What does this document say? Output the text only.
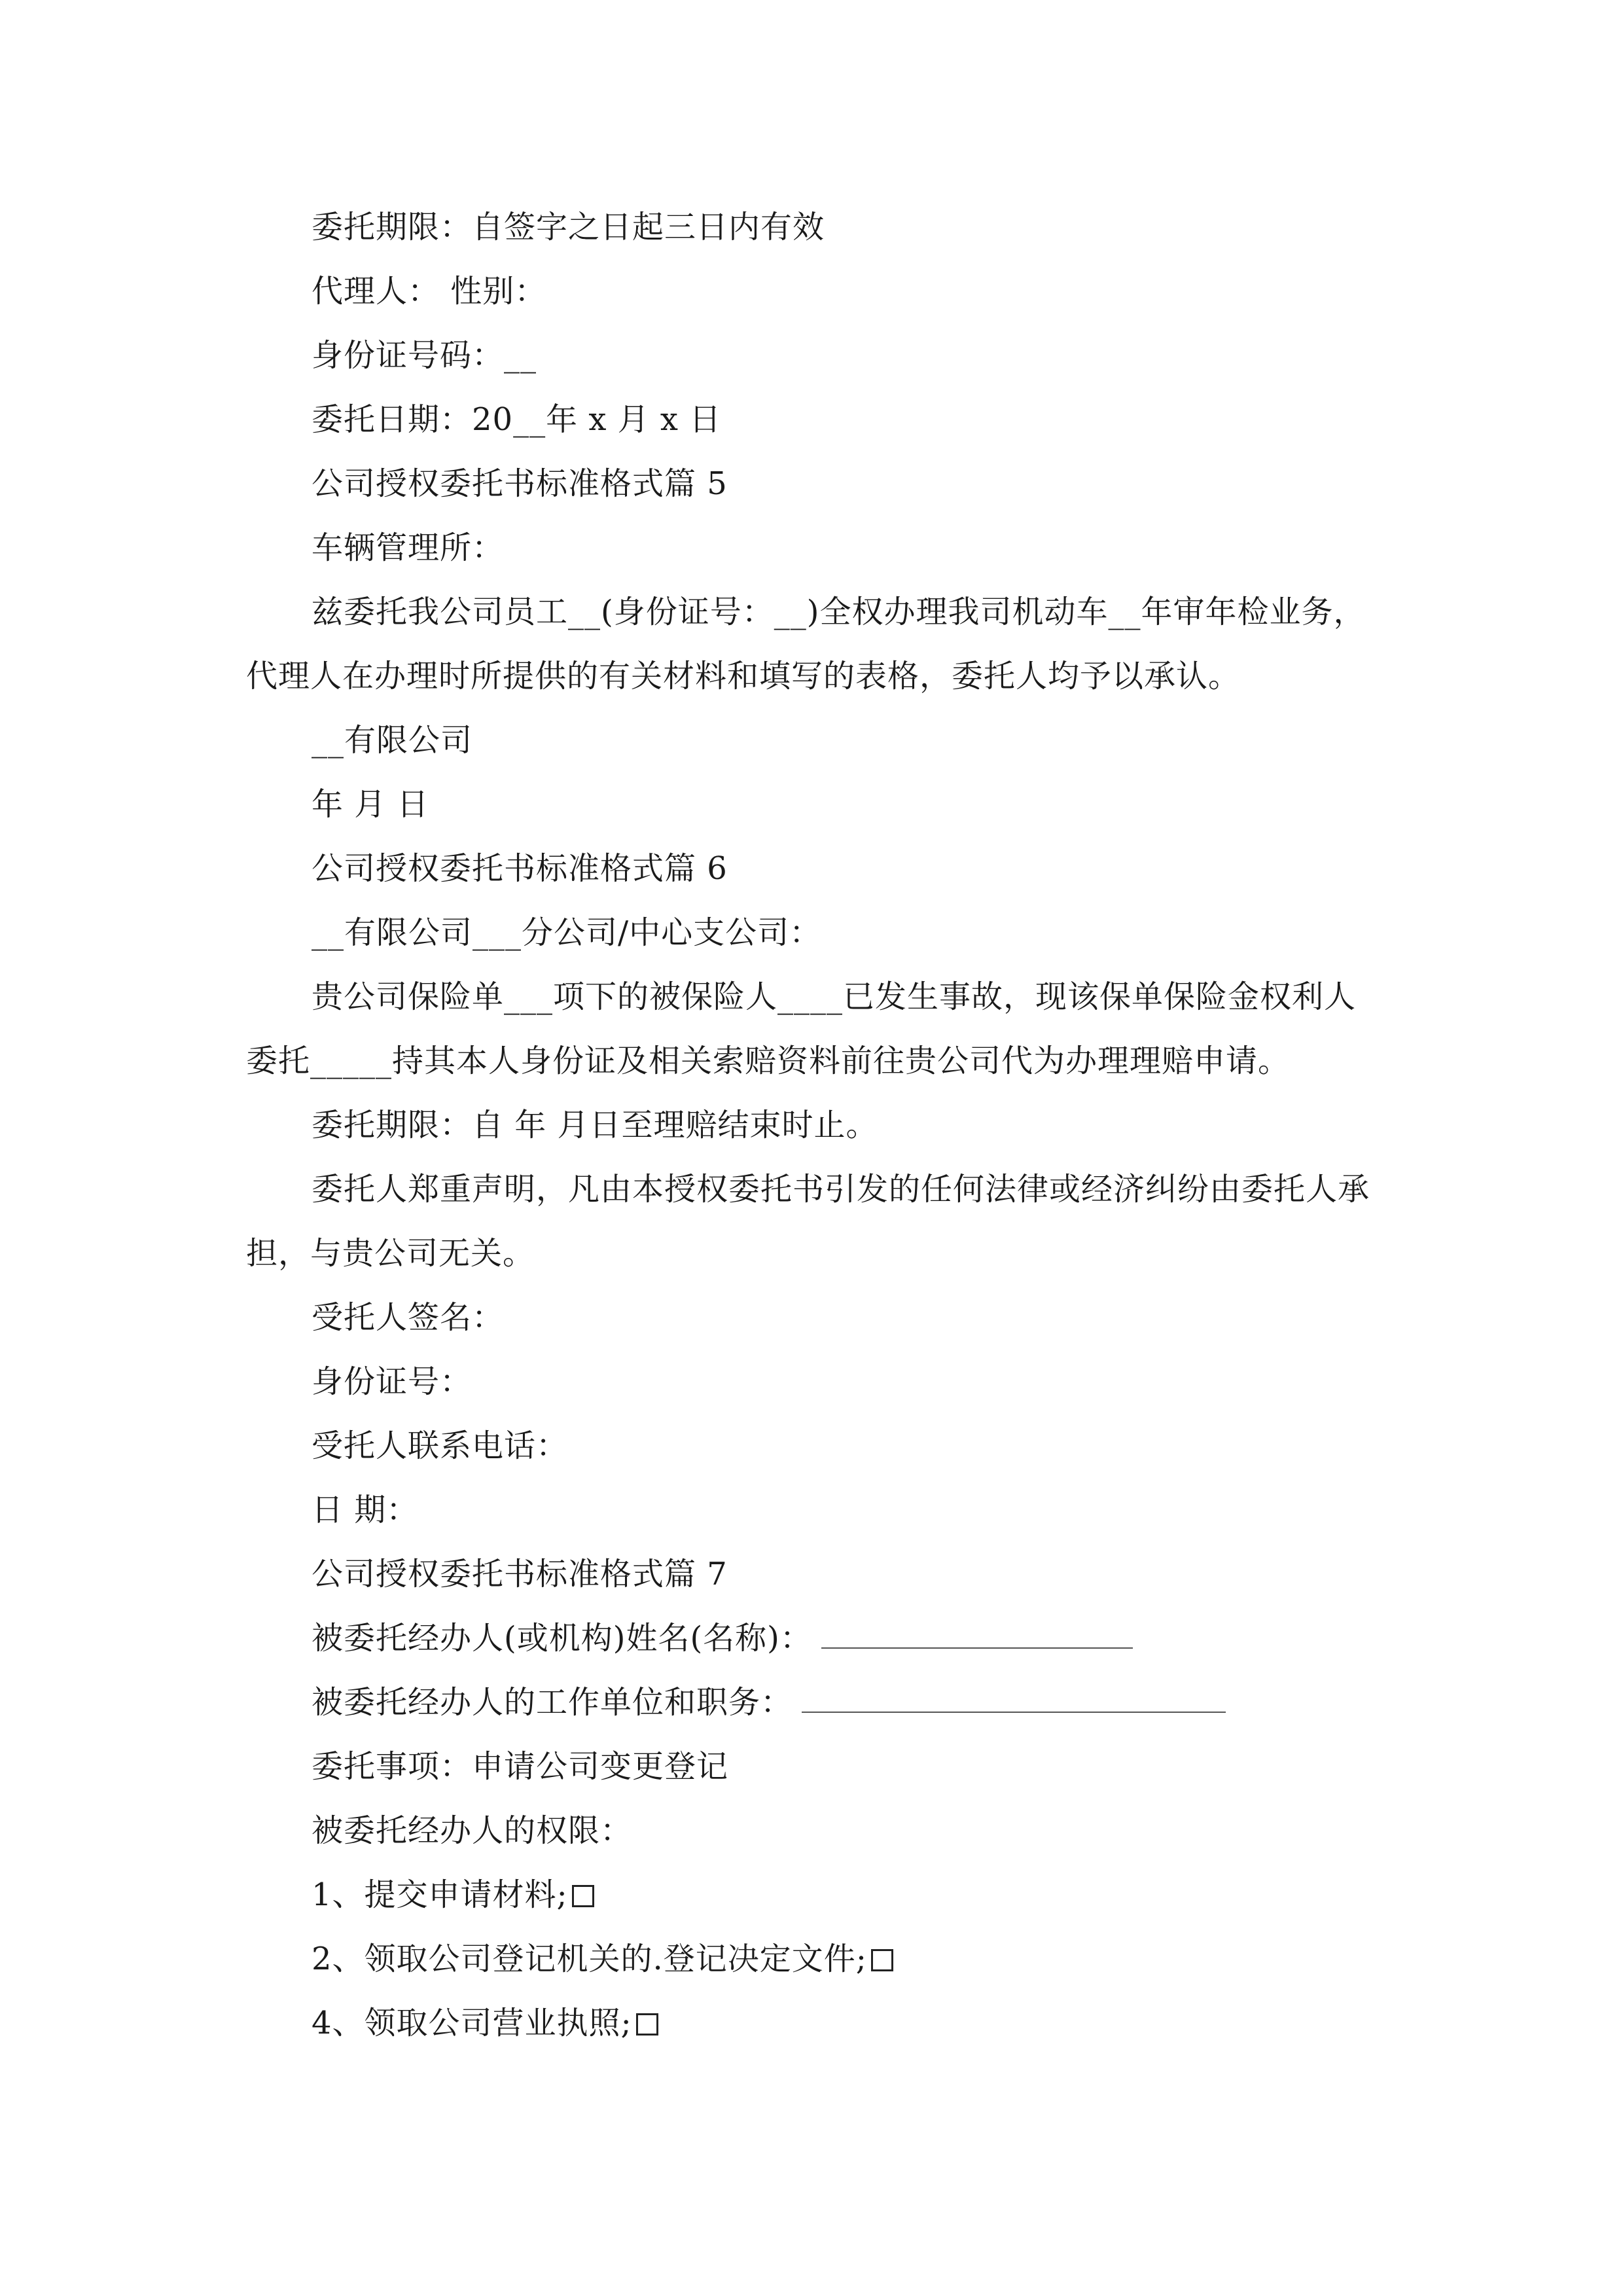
委托期限：自签字之日起三日内有效
代理人： 性别：
身份证号码：__
委托日期：20__年 x 月 x 日
公司授权委托书标准格式篇 5
车辆管理所：
兹委托我公司员工__(身份证号：__)全权办理我司机动车__年审年检业务，
代理人在办理时所提供的有关材料和填写的表格，委托人均予以承认。
__有限公司
年 月 日
公司授权委托书标准格式篇 6
__有限公司___分公司/中心支公司：
贵公司保险单___项下的被保险人____已发生事故，现该保单保险金权利人
委托_____持其本人身份证及相关索赔资料前往贵公司代为办理理赔申请。
委托期限：自 年 月日至理赔结束时止。
委托人郑重声明，凡由本授权委托书引发的任何法律或经济纠纷由委托人承
担，与贵公司无关。
受托人签名：
身份证号：
受托人联系电话：
日 期：
公司授权委托书标准格式篇 7
被委托经办人(或机构)姓名(名称)：
被委托经办人的工作单位和职务：
委托事项：申请公司变更登记
被委托经办人的权限：
1、提交申请材料;
2、领取公司登记机关的.登记决定文件;
4、领取公司营业执照;
